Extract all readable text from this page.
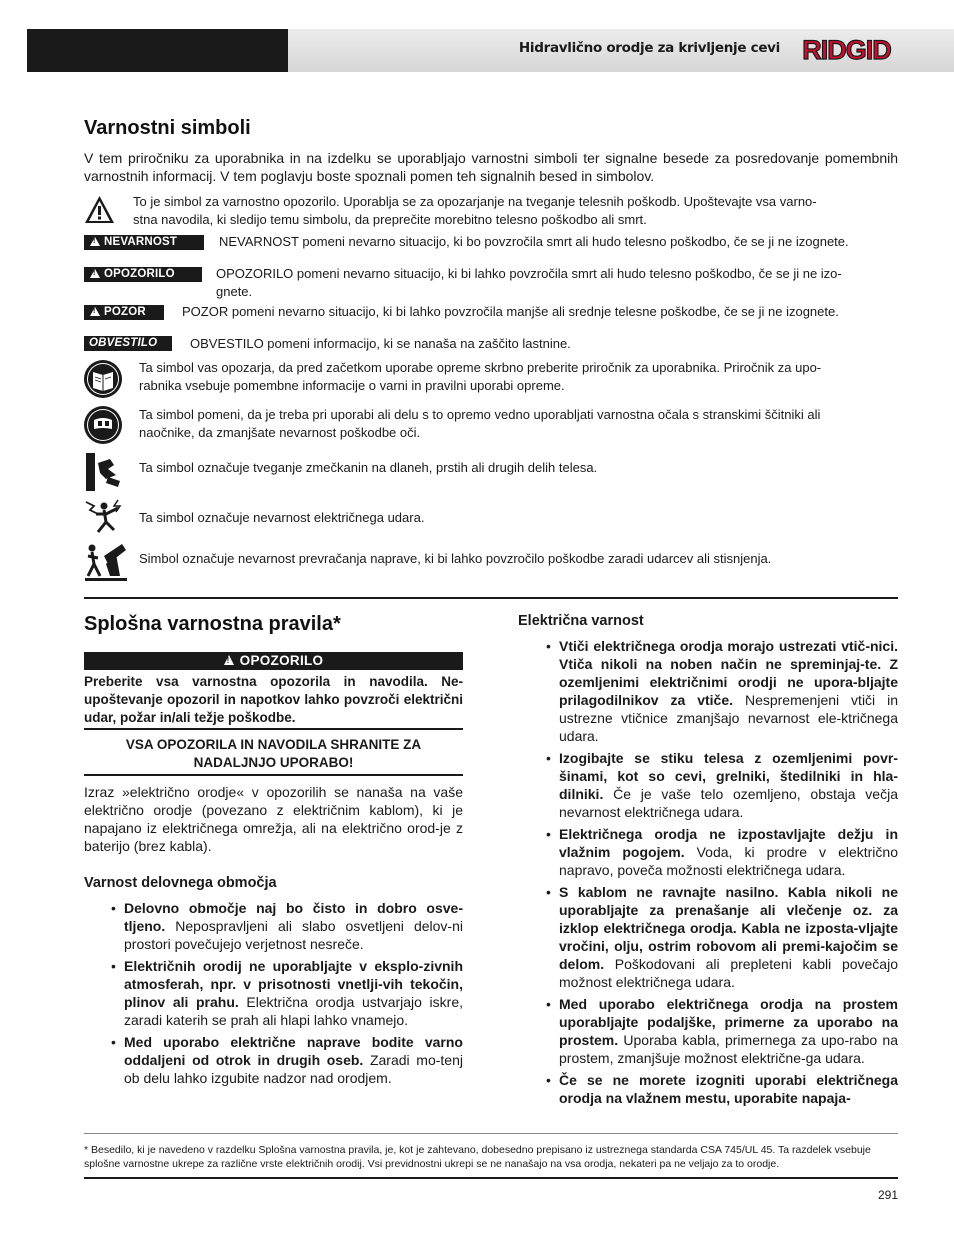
Hidravlično orodje za krivljenje cevi RIDGID
Varnostni simboli
V tem priročniku za uporabnika in na izdelku se uporabljajo varnostni simboli ter signalne besede za posredovanje pomembnih varnostnih informacij. V tem poglavju boste spoznali pomen teh signalnih besed in simbolov.
To je simbol za varnostno opozorilo. Uporablja se za opozarjanje na tveganje telesnih poškodb. Upoštevajte vsa varno-
stna navodila, ki sledijo temu simbolu, da preprečite morebitno telesno poškodbo ali smrt.
!NEVARNOST	NEVARNOST pomeni nevarno situacijo, ki bo povzročila smrt ali hudo telesno poškodbo, če se ji ne izognete.
!OPOZORILO	OPOZORILO pomeni nevarno situacijo, ki bi lahko povzročila smrt ali hudo telesno poškodbo, če se ji ne izo-
gnete.
!POZOR	POZOR pomeni nevarno situacijo, ki bi lahko povzročila manjše ali srednje telesne poškodbe, če se ji ne izognete.
OBVESTILO	OBVESTILO pomeni informacijo, ki se nanaša na zaščito lastnine.
Ta simbol vas opozarja, da pred začetkom uporabe opreme skrbno preberite priročnik za uporabnika. Priročnik za upo-
rabnika vsebuje pomembne informacije o varni in pravilni uporabi opreme.
Ta simbol pomeni, da je treba pri uporabi ali delu s to opremo vedno uporabljati varnostna očala s stranskimi ščitniki ali
naočnike, da zmanjšate nevarnost poškodbe oči.
Ta simbol označuje tveganje zmečkanin na dlaneh, prstih ali drugih delih telesa.
Ta simbol označuje nevarnost električnega udara.
Simbol označuje nevarnost prevračanja naprave, ki bi lahko povzročilo poškodbe zaradi udarcev ali stisnjenja.
Splošna varnostna pravila*
!OPOZORILO

Preberite vsa varnostna opozorila in navodila. Ne-upoštevanje opozoril in napotkov lahko povzroči električni udar, požar in/ali težje poškodbe.

VSA OPOZORILA IN NAVODILA SHRANITE ZA
NADALJNJO UPORABO!

Izraz »električno orodje« v opozorilih se nanaša na vaše električno orodje (povezano z električnim kablom), ki je napajano iz električnega omrežja, ali na električno orod-je z baterijo (brez kabla).

Varnost delovnega območja
• Delovno območje naj bo čisto in dobro osve-tljeno. Nepospravljeni ali slabo osvetljeni delov-ni prostori povečujejo verjetnost nesreče.
• Električnih orodij ne uporabljajte v eksplo-zivnih atmosferah, npr. v prisotnosti vnetlji-vih tekočin, plinov ali prahu. Električna orodja ustvarjajo iskre, zaradi katerih se prah ali hlapi lahko vnamejo.
• Med uporabo električne naprave bodite varno oddaljeni od otrok in drugih oseb. Zaradi mo-tenj ob delu lahko izgubite nadzor nad orodjem.
Električna varnost
• Vtiči električnega orodja morajo ustrezati vtič-nici. Vtiča nikoli na noben način ne spreminjaj-te. Z ozemljenimi električnimi orodji ne upora-bljajte prilagodilnikov za vtiče. Nespremenjeni vtiči in ustrezne vtičnice zmanjšajo nevarnost ele-ktričnega udara.
• Izogibajte se stiku telesa z ozemljenimi povr-šinami, kot so cevi, grelniki, štedilniki in hla-dilniki. Če je vaše telo ozemljeno, obstaja večja nevarnost električnega udara.
• Električnega orodja ne izpostavljajte dežju in vlažnim pogojem. Voda, ki prodre v električno napravo, poveča možnosti električnega udara.
• S kablom ne ravnajte nasilno. Kabla nikoli ne uporabljajte za prenašanje ali vlečenje oz. za izklop električnega orodja. Kabla ne izposta-vljajte vročini, olju, ostrim robovom ali premi-kajočim se delom. Poškodovani ali prepleteni kabli povečajo možnost električnega udara.
• Med uporabo električnega orodja na prostem uporabljajte podaljške, primerne za uporabo na prostem. Uporaba kabla, primernega za upo-rabo na prostem, zmanjšuje možnost električne-ga udara.
• Če se ne morete izogniti uporabi električnega orodja na vlažnem mestu, uporabite napaja-
* Besedilo, ki je navedeno v razdelku Splošna varnostna pravila, je, kot je zahtevano, dobesedno prepisano iz ustreznega standarda CSA 745/UL 45. Ta razdelek vsebuje splošne varnostne ukrepe za različne vrste električnih orodij. Vsi previdnostni ukrepi se ne nanašajo na vsa orodja, nekateri pa ne veljajo za to orodje.
291
